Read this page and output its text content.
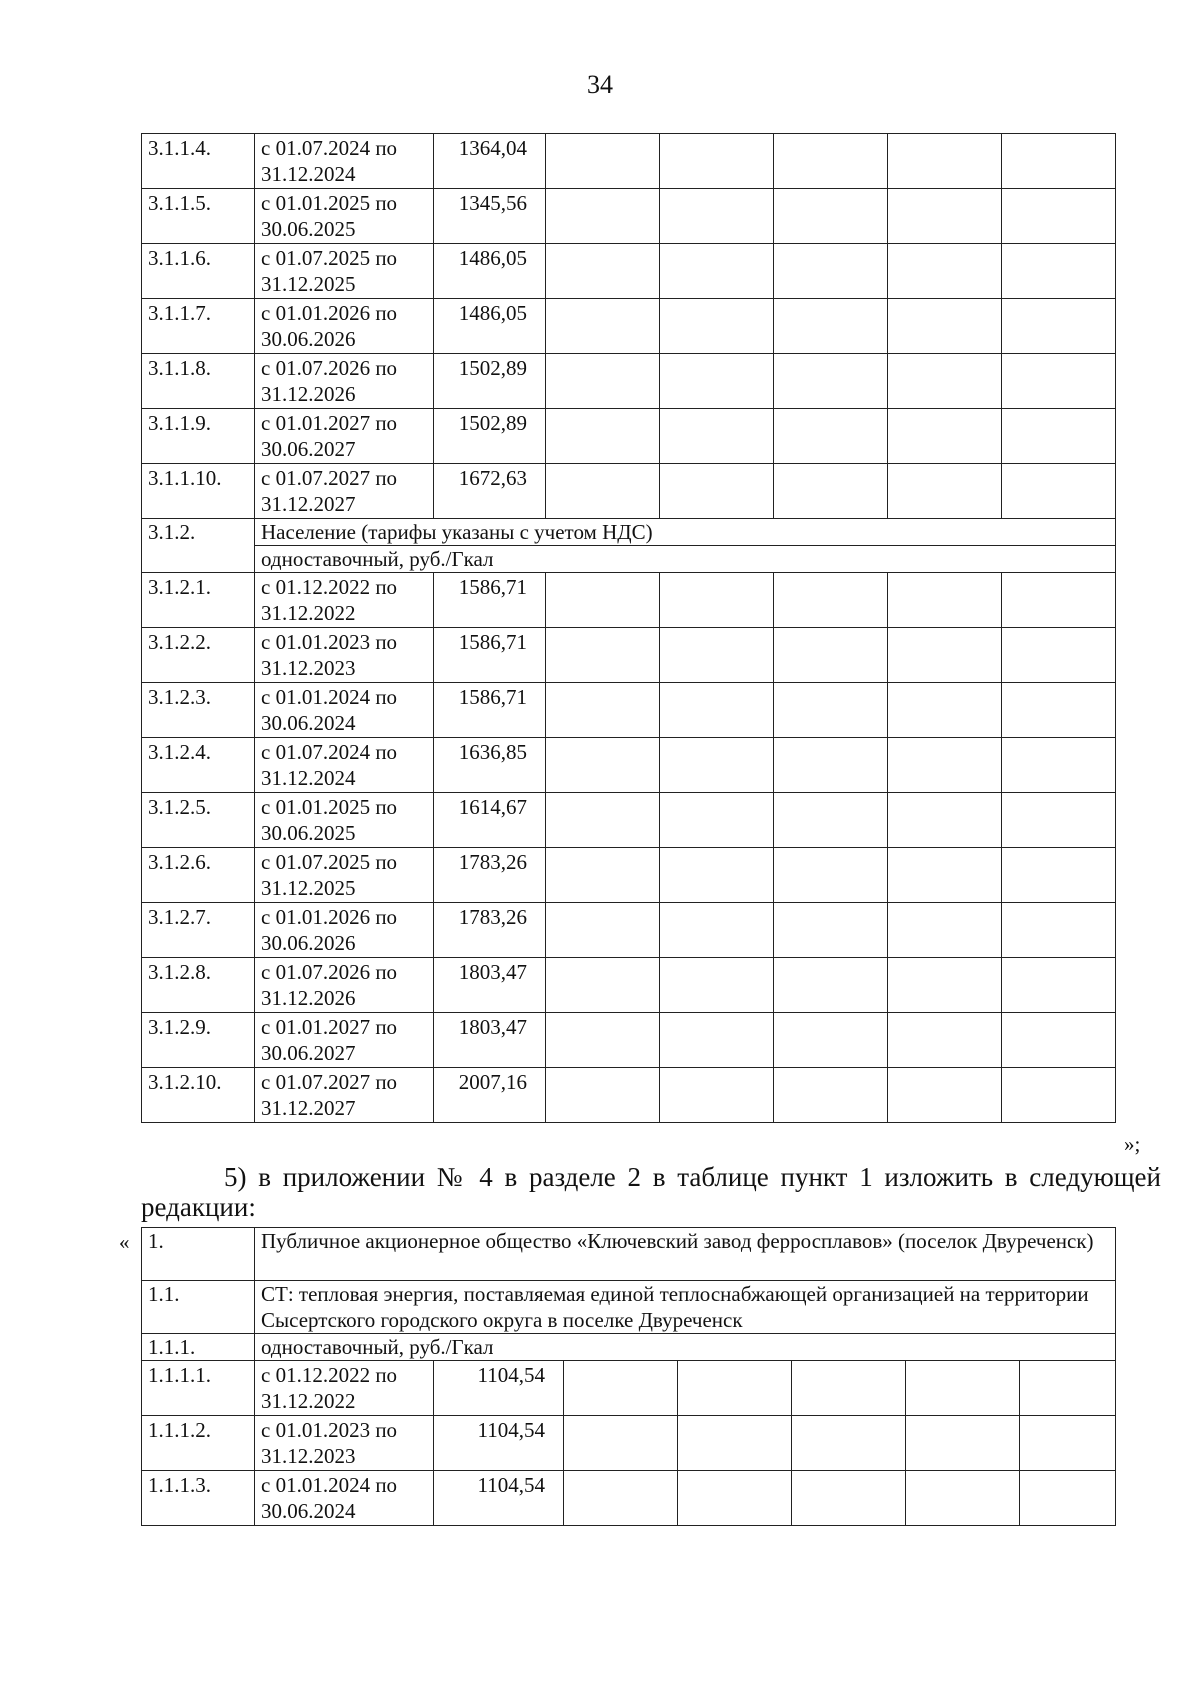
34
3.1.1.4.	с 01.07.2024 по 31.12.2024	1364,04					
3.1.1.5.	с 01.01.2025 по 30.06.2025	1345,56					
3.1.1.6.	с 01.07.2025 по 31.12.2025	1486,05					
3.1.1.7.	с 01.01.2026 по 30.06.2026	1486,05					
3.1.1.8.	с 01.07.2026 по 31.12.2026	1502,89					
3.1.1.9.	с 01.01.2027 по 30.06.2027	1502,89					
3.1.1.10.	с 01.07.2027 по 31.12.2027	1672,63					
3.1.2.	Население (тарифы указаны с учетом НДС)						
	одноставочный, руб./Гкал						
3.1.2.1.	с 01.12.2022 по 31.12.2022	1586,71					
3.1.2.2.	с 01.01.2023 по 31.12.2023	1586,71					
3.1.2.3.	с 01.01.2024 по 30.06.2024	1586,71					
3.1.2.4.	с 01.07.2024 по 31.12.2024	1636,85					
3.1.2.5.	с 01.01.2025 по 30.06.2025	1614,67					
3.1.2.6.	с 01.07.2025 по 31.12.2025	1783,26					
3.1.2.7.	с 01.01.2026 по 30.06.2026	1783,26					
3.1.2.8.	с 01.07.2026 по 31.12.2026	1803,47					
3.1.2.9.	с 01.01.2027 по 30.06.2027	1803,47					
3.1.2.10.	с 01.07.2027 по 31.12.2027	2007,16					
»;
5) в приложении № 4 в разделе 2 в таблице пункт 1 изложить в следующей редакции:
« 1.	Публичное акционерное общество «Ключевский завод ферросплавов» (поселок Двуреченск)						
1.1.	СТ: тепловая энергия, поставляемая единой теплоснабжающей организацией на территории Сысертского городского округа в поселке Двуреченск						
1.1.1.	одноставочный, руб./Гкал						
1.1.1.1.	с 01.12.2022 по 31.12.2022	1104,54					
1.1.1.2.	с 01.01.2023 по 31.12.2023	1104,54					
1.1.1.3.	с 01.01.2024 по 30.06.2024	1104,54					
